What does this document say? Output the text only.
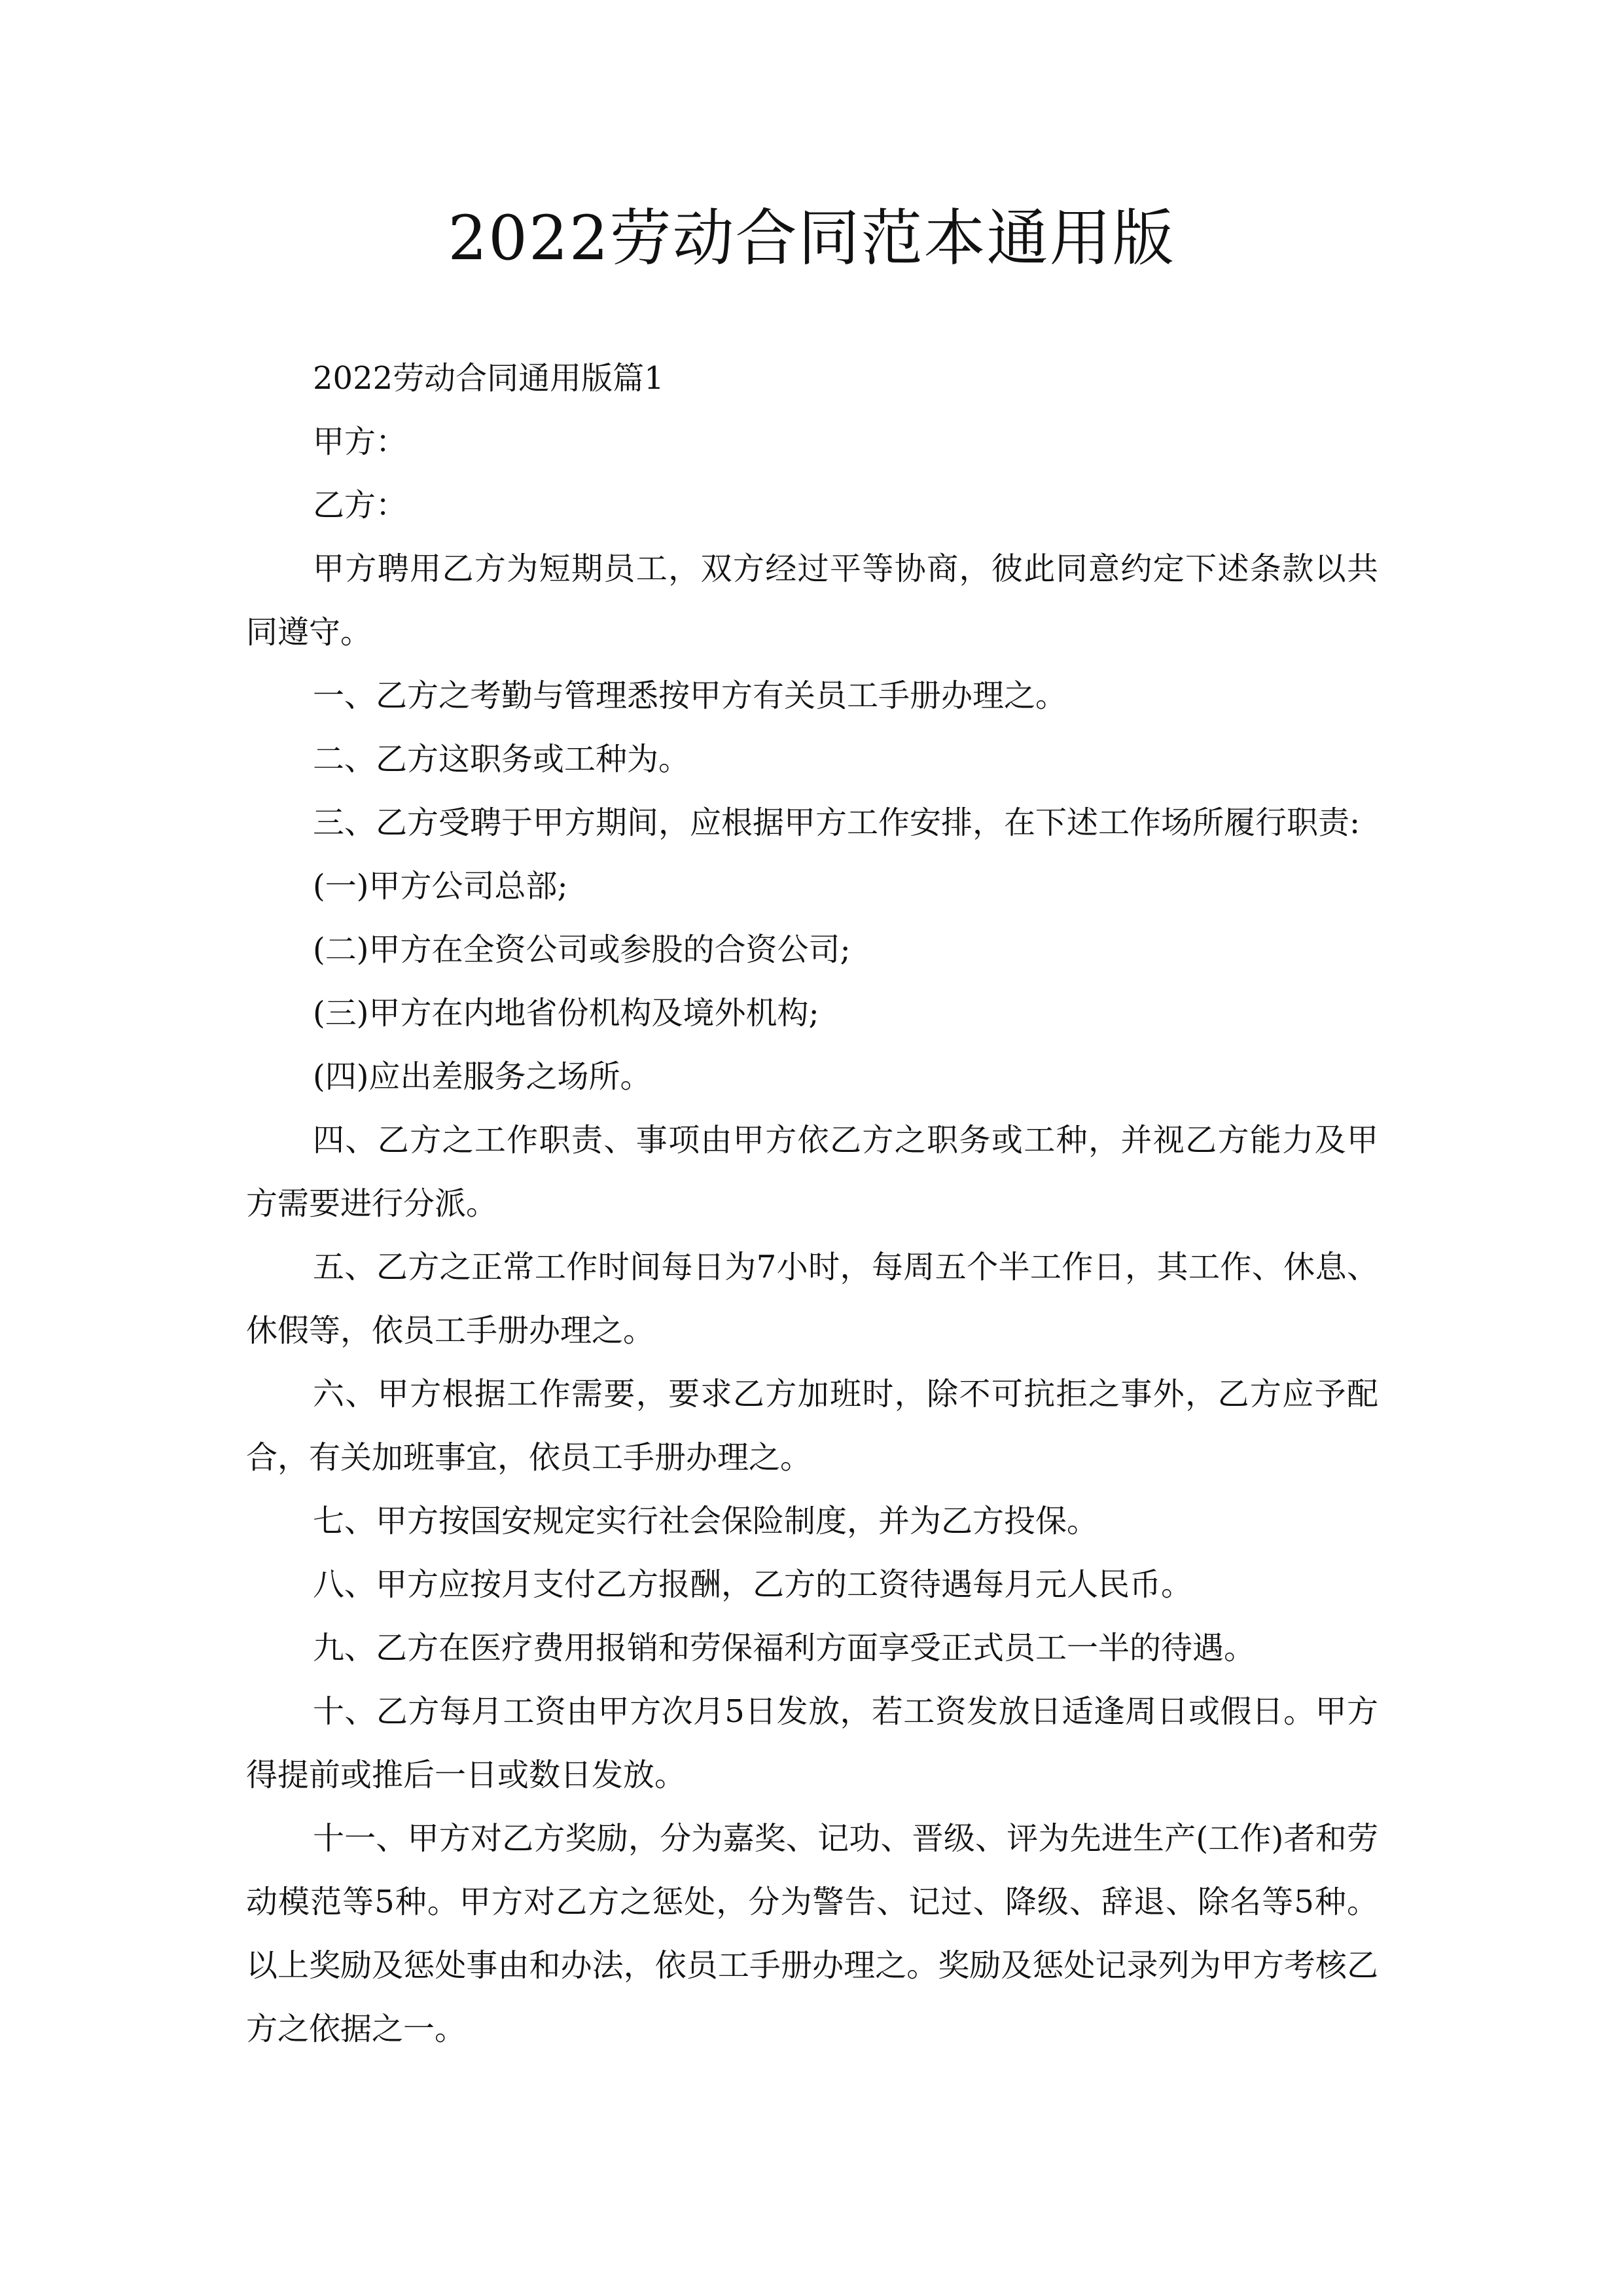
2022劳动合同范本通用版

2022劳动合同通用版篇1

甲方：

乙方：

甲方聘用乙方为短期员工，双方经过平等协商，彼此同意约定下述条款以共同遵守。

一、乙方之考勤与管理悉按甲方有关员工手册办理之。

二、乙方这职务或工种为。

三、乙方受聘于甲方期间，应根据甲方工作安排，在下述工作场所履行职责:

(一)甲方公司总部;

(二)甲方在全资公司或参股的合资公司;

(三)甲方在内地省份机构及境外机构;

(四)应出差服务之场所。

四、乙方之工作职责、事项由甲方依乙方之职务或工种，并视乙方能力及甲方需要进行分派。

五、乙方之正常工作时间每日为7小时，每周五个半工作日，其工作、休息、休假等，依员工手册办理之。

六、甲方根据工作需要，要求乙方加班时，除不可抗拒之事外，乙方应予配合，有关加班事宜，依员工手册办理之。

七、甲方按国安规定实行社会保险制度，并为乙方投保。

八、甲方应按月支付乙方报酬，乙方的工资待遇每月元人民币。

九、乙方在医疗费用报销和劳保福利方面享受正式员工一半的待遇。

十、乙方每月工资由甲方次月5日发放，若工资发放日适逢周日或假日。甲方得提前或推后一日或数日发放。

十一、甲方对乙方奖励，分为嘉奖、记功、晋级、评为先进生产(工作)者和劳动模范等5种。甲方对乙方之惩处，分为警告、记过、降级、辞退、除名等5种。以上奖励及惩处事由和办法，依员工手册办理之。奖励及惩处记录列为甲方考核乙方之依据之一。
